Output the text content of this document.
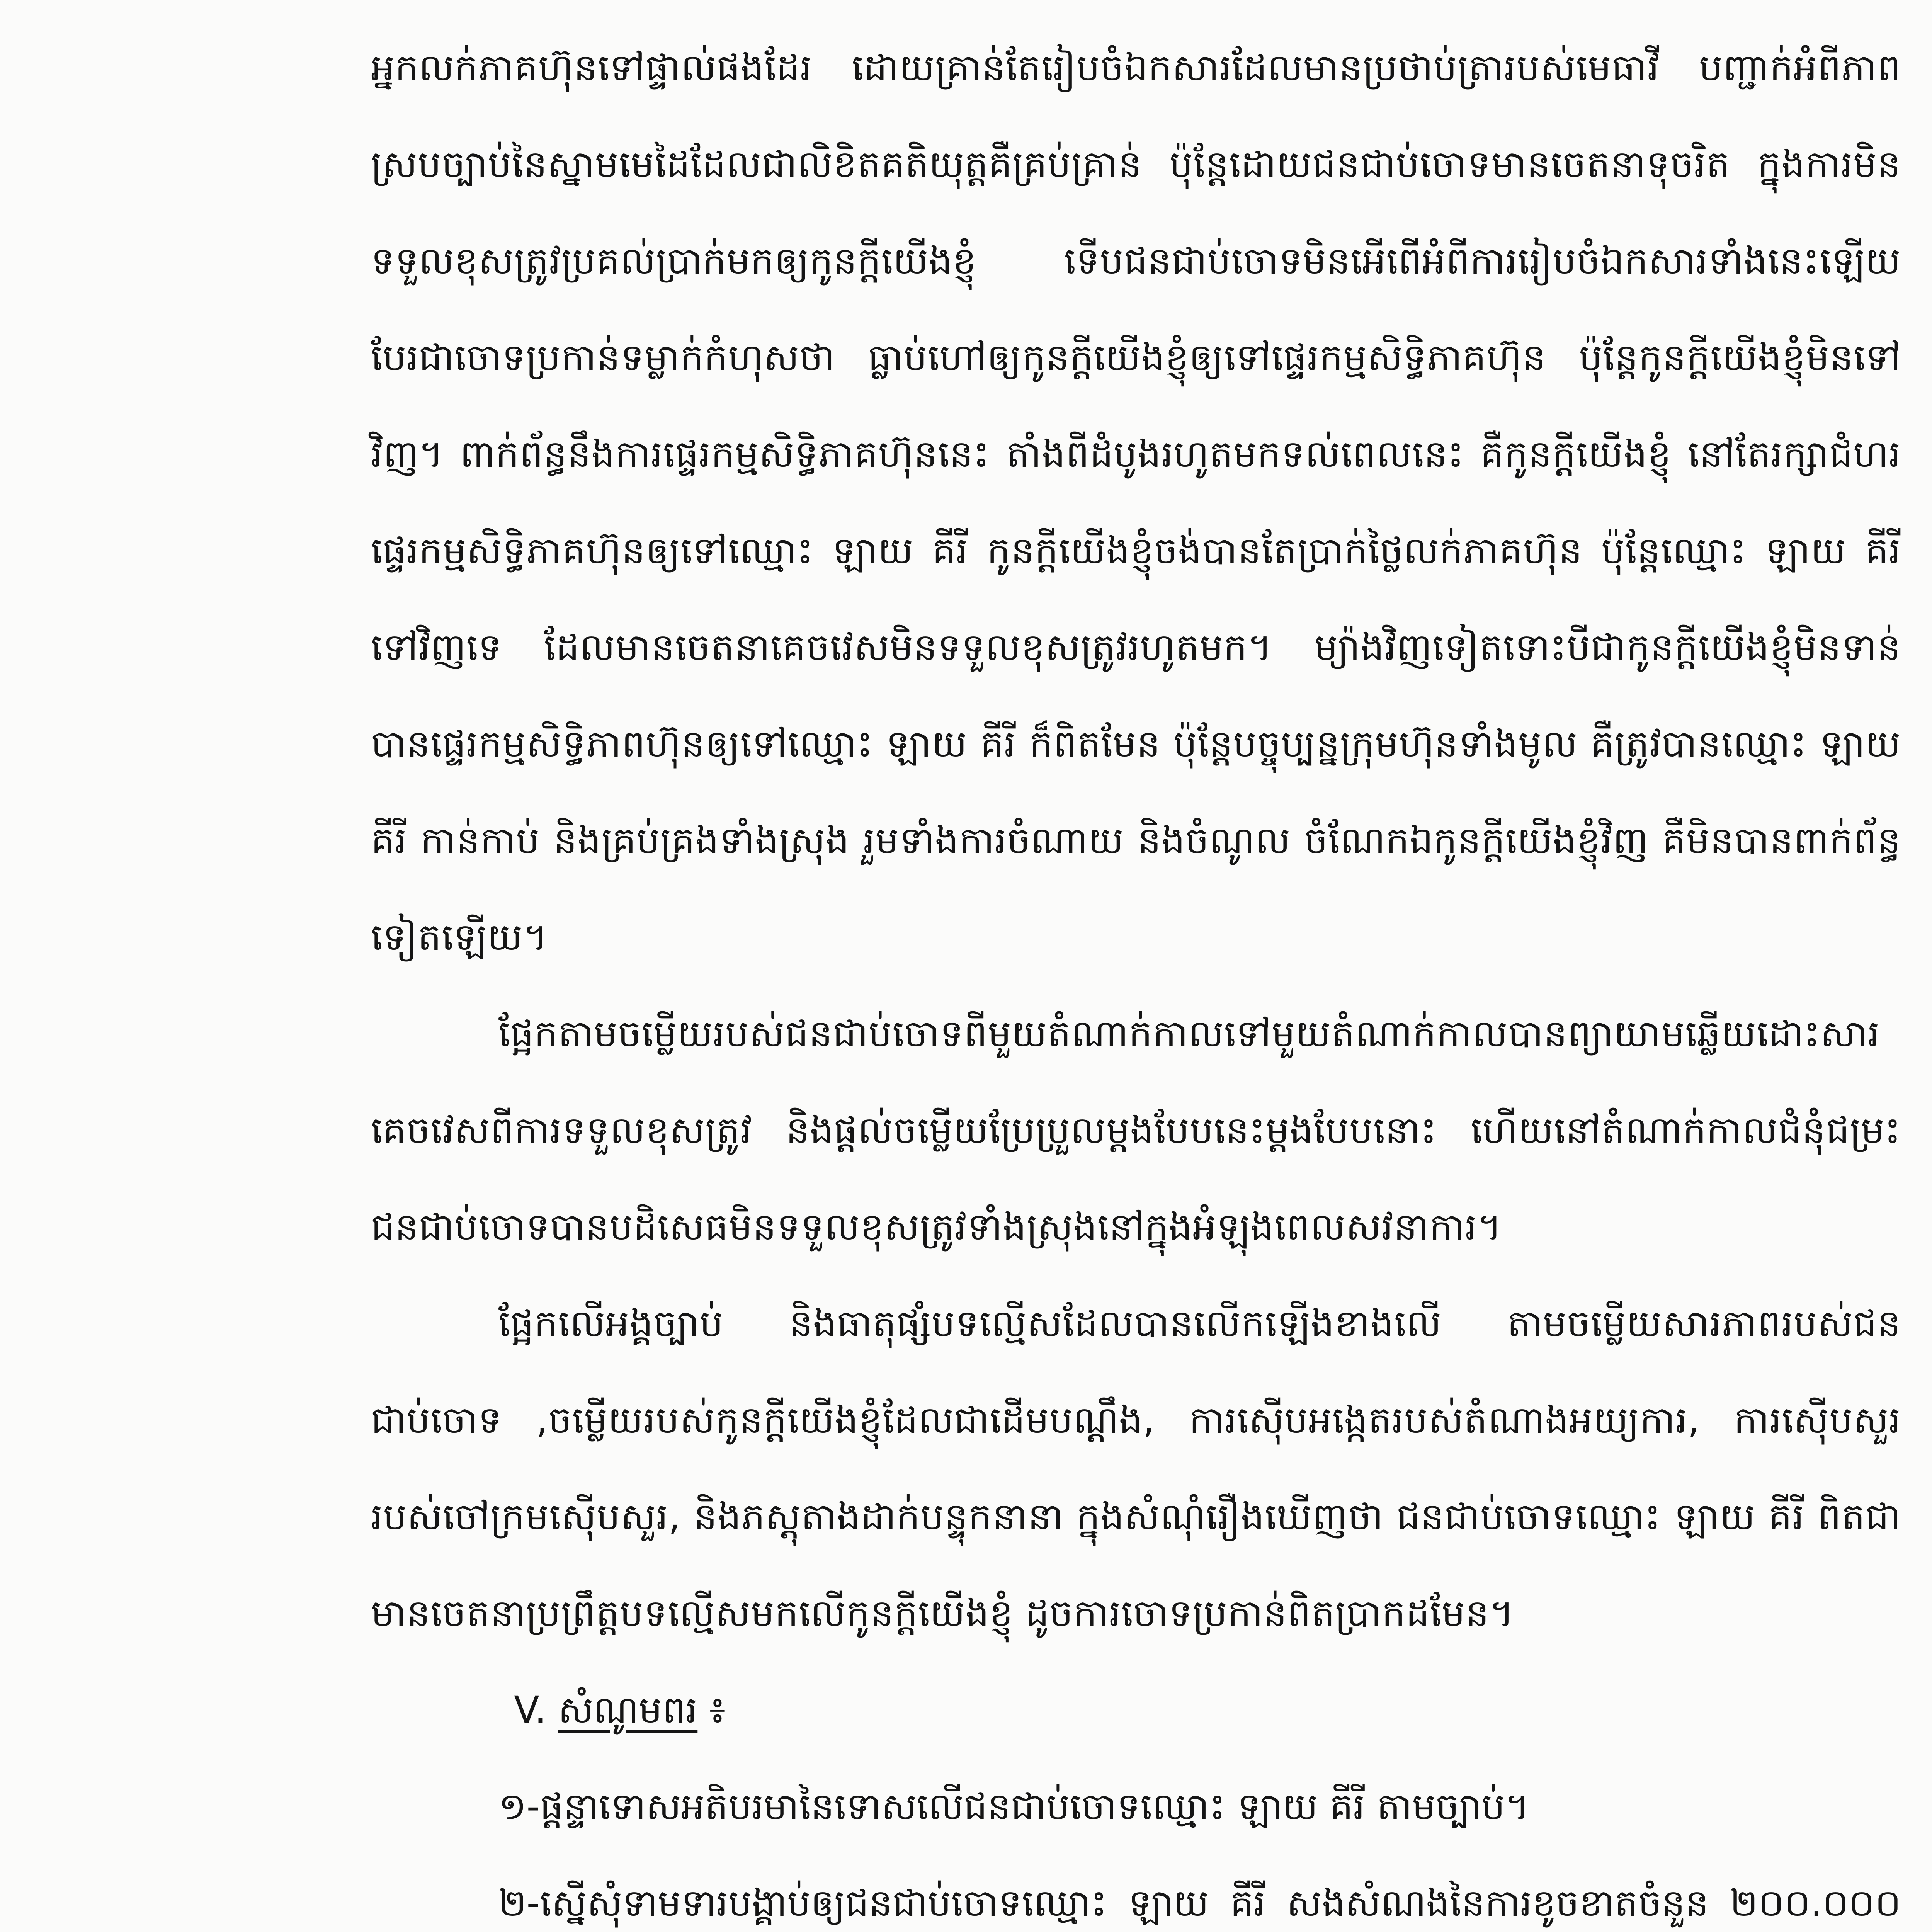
អ្នកលក់ភាគហ៊ុនទៅផ្ទាល់ផងដែរ ដោយគ្រាន់តែរៀបចំឯកសារដែលមានប្រថាប់ត្រារបស់មេធាវី បញ្ជាក់អំពីភាពស្របច្បាប់នៃស្នាមមេដៃដែលជាលិខិតគតិយុត្តគឺគ្រប់គ្រាន់ ប៉ុន្តែដោយជនជាប់ចោទមានចេតនាទុចរិត ក្នុងការមិនទទួលខុសត្រូវប្រគល់ប្រាក់មកឲ្យកូនក្តីយើងខ្ញុំ ទើបជនជាប់ចោទមិនអើពើអំពីការរៀបចំឯកសារទាំងនេះឡើយ បែរជាចោទប្រកាន់ទម្លាក់កំហុសថា ធ្លាប់ហៅឲ្យកូនក្តីយើងខ្ញុំឲ្យទៅផ្ទេរកម្មសិទ្ធិភាគហ៊ុន ប៉ុន្តែកូនក្តីយើងខ្ញុំមិនទៅវិញ។ ពាក់ព័ន្ធនឹងការផ្ទេរកម្មសិទ្ធិភាគហ៊ុននេះ តាំងពីដំបូងរហូតមកទល់ពេលនេះ គឺកូនក្តីយើងខ្ញុំ នៅតែរក្សាជំហរផ្ទេរកម្មសិទ្ធិភាគហ៊ុនឲ្យទៅឈ្មោះ ឡាយ គីរី កូនក្តីយើងខ្ញុំចង់បានតែប្រាក់ថ្លៃលក់ភាគហ៊ុន ប៉ុន្តែឈ្មោះ ឡាយ គីរី ទៅវិញទេ ដែលមានចេតនាគេចវេសមិនទទួលខុសត្រូវរហូតមក។ ម្យ៉ាងវិញទៀតទោះបីជាកូនក្តីយើងខ្ញុំមិនទាន់បានផ្ទេរកម្មសិទ្ធិភាពហ៊ុនឲ្យទៅឈ្មោះ ឡាយ គីរី ក៏ពិតមែន ប៉ុន្តែបច្ចុប្បន្នក្រុមហ៊ុនទាំងមូល គឺត្រូវបានឈ្មោះ ឡាយ គីរី កាន់កាប់ និងគ្រប់គ្រងទាំងស្រុង រួមទាំងការចំណាយ និងចំណូល ចំណែកឯកូនក្តីយើងខ្ញុំវិញ គឺមិនបានពាក់ព័ន្ធទៀតឡើយ។

ផ្អែកតាមចម្លើយរបស់ជនជាប់ចោទពីមួយតំណាក់កាលទៅមួយតំណាក់កាលបានព្យាយាមឆ្លើយដោះសារគេចវេសពីការទទួលខុសត្រូវ និងផ្តល់ចម្លើយប្រែប្រួលម្តងបែបនេះម្តងបែបនោះ ហើយនៅតំណាក់កាលជំនុំជម្រះជនជាប់ចោទបានបដិសេធមិនទទួលខុសត្រូវទាំងស្រុងនៅក្នុងអំឡុងពេលសវនាការ។

ផ្អែកលើអង្គច្បាប់ និងធាតុផ្សំបទល្មើសដែលបានលើកឡើងខាងលើ តាមចម្លើយសារភាពរបស់ជនជាប់ចោទ ,ចម្លើយរបស់កូនក្តីយើងខ្ញុំដែលជាដើមបណ្តឹង, ការស៊ើបអង្កេតរបស់តំណាងអយ្យការ, ការស៊ើបសួររបស់ចៅក្រមស៊ើបសួរ, និងភស្តុតាងដាក់បន្ទុកនានា ក្នុងសំណុំរឿងឃើញថា ជនជាប់ចោទឈ្មោះ ឡាយ គីរី ពិតជាមានចេតនាប្រព្រឹត្តបទល្មើសមកលើកូនក្តីយើងខ្ញុំ ដូចការចោទប្រកាន់ពិតប្រាកដមែន។

V. សំណូមពរ ៖

១-ផ្តន្ទាទោសអតិបរមានៃទោសលើជនជាប់ចោទឈ្មោះ ឡាយ គីរី តាមច្បាប់។

២-ស្នើសុំទាមទារបង្គាប់ឲ្យជនជាប់ចោទឈ្មោះ ឡាយ គីរី សងសំណងនៃការខូចខាតចំនួន ២០០.០០០
